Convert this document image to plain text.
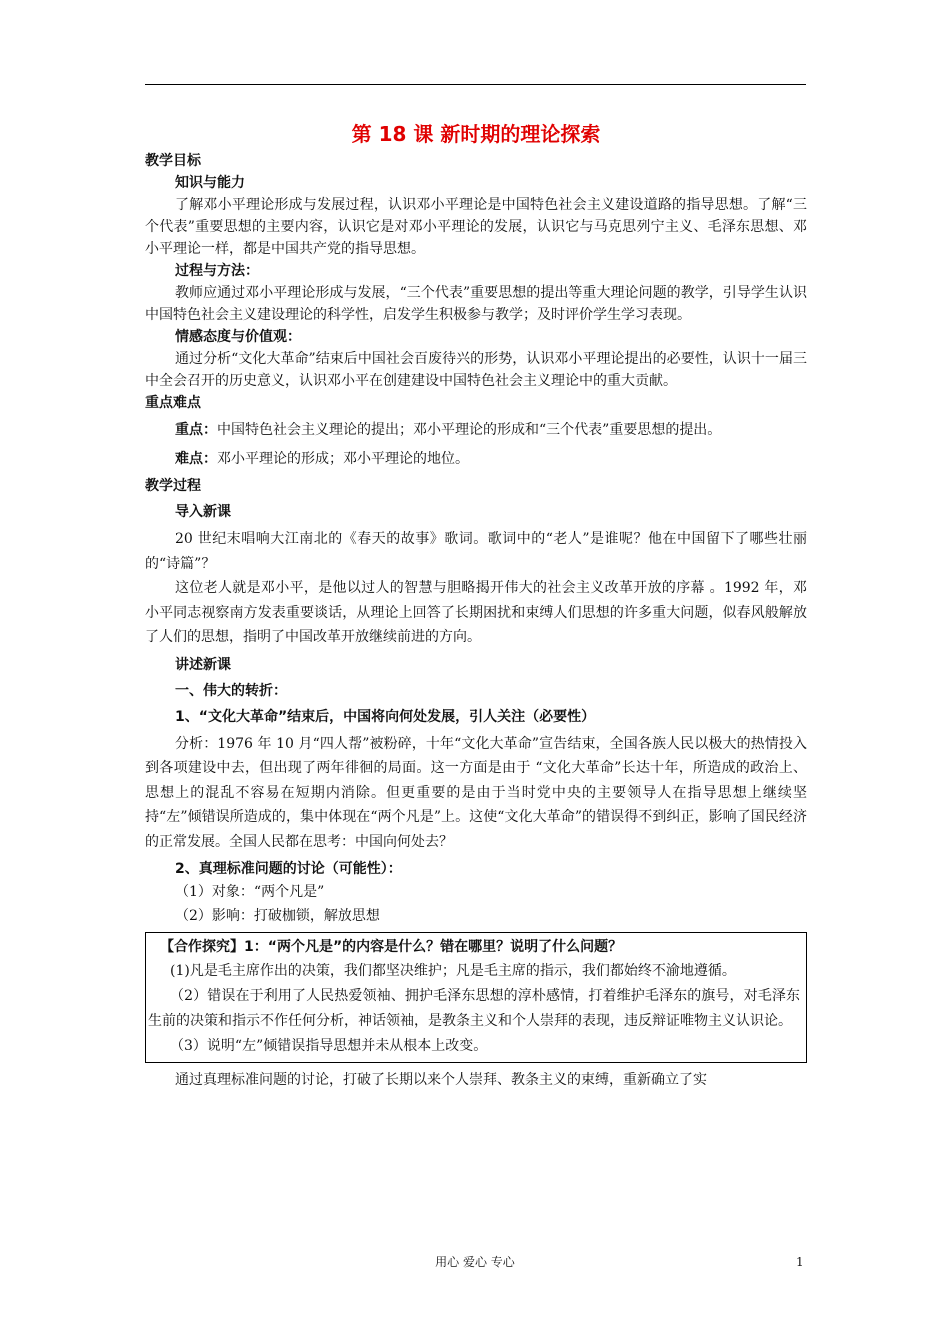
第 18 课 新时期的理论探索
教学目标
知识与能力

了解邓小平理论形成与发展过程，认识邓小平理论是中国特色社会主义建设道路的指导思想。了解“三个代表”重要思想的主要内容，认识它是对邓小平理论的发展，认识它与马克思列宁主义、毛泽东思想、邓小平理论一样，都是中国共产党的指导思想。

过程与方法：

教师应通过邓小平理论形成与发展，“三个代表”重要思想的提出等重大理论问题的教学，引导学生认识中国特色社会主义建设理论的科学性，启发学生积极参与教学；及时评价学生学习表现。

情感态度与价值观：

通过分析“文化大革命”结束后中国社会百废待兴的形势，认识邓小平理论提出的必要性，认识十一届三中全会召开的历史意义，认识邓小平在创建建设中国特色社会主义理论中的重大贡献。

重点难点

重点：中国特色社会主义理论的提出；邓小平理论的形成和“三个代表”重要思想的提出。

难点：邓小平理论的形成；邓小平理论的地位。

教学过程
导入新课

20 世纪末唱响大江南北的《春天的故事》歌词。歌词中的“老人”是谁呢？他在中国留下了哪些壮丽的“诗篇”？

这位老人就是邓小平，是他以过人的智慧与胆略揭开伟大的社会主义改革开放的序幕 。1992 年，邓小平同志视察南方发表重要谈话，从理论上回答了长期困扰和束缚人们思想的许多重大问题，似春风般解放了人们的思想，指明了中国改革开放继续前进的方向。

讲述新课
一、伟大的转折：
1、“文化大革命”结束后，中国将向何处发展，引人关注（必要性）

分析：1976 年 10 月“四人帮”被粉碎，十年“文化大革命”宣告结束，全国各族人民以极大的热情投入到各项建设中去，但出现了两年徘徊的局面。这一方面是由于 “文化大革命”长达十年，所造成的政治上、思想上的混乱不容易在短期内消除。但更重要的是由于当时党中央的主要领导人在指导思想上继续坚持“左”倾错误所造成的，集中体现在“两个凡是”上。这使“文化大革命”的错误得不到纠正，影响了国民经济的正常发展。全国人民都在思考：中国向何处去？

2、真理标准问题的讨论（可能性）：
（1）对象：“两个凡是”
（2）影响：打破枷锁，解放思想
【合作探究】1：“两个凡是”的内容是什么？错在哪里？说明了什么问题？

(1)凡是毛主席作出的决策，我们都坚决维护；凡是毛主席的指示，我们都始终不渝地遵循。

（2）错误在于利用了人民热爱领袖、拥护毛泽东思想的淳朴感情，打着维护毛泽东的旗号，对毛泽东生前的决策和指示不作任何分析，神话领袖，是教条主义和个人崇拜的表现，违反辩证唯物主义认识论。

（3）说明“左”倾错误指导思想并未从根本上改变。

通过真理标准问题的讨论，打破了长期以来个人崇拜、教条主义的束缚，重新确立了实

用心 爱心 专心	1
